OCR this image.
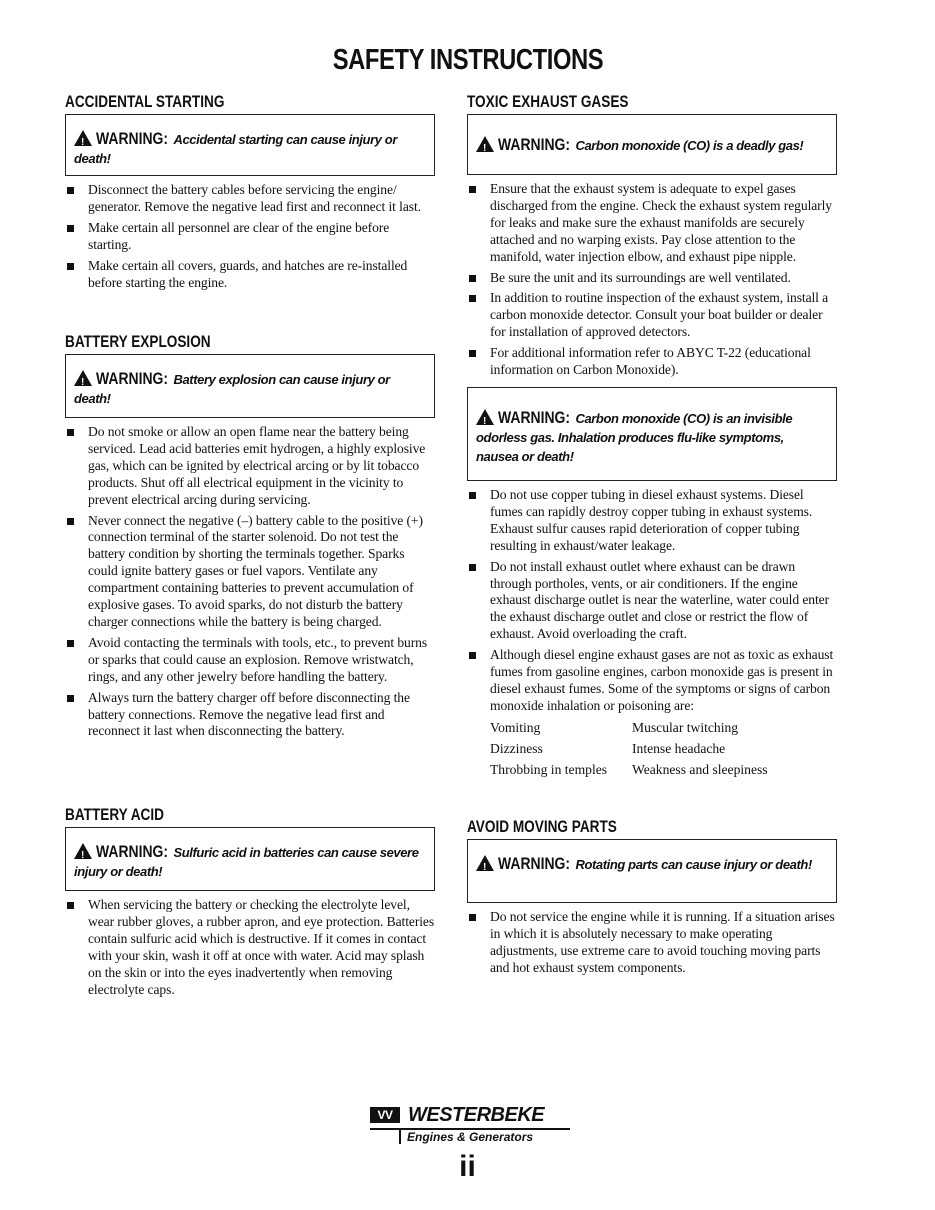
SAFETY INSTRUCTIONS
ACCIDENTAL STARTING
!WARNING: Accidental starting can cause injury or death!
Disconnect the battery cables before servicing the engine/ generator. Remove the negative lead first and reconnect it last.
Make certain all personnel are clear of the engine before starting.
Make certain all covers, guards, and hatches are re-installed before starting the engine.
BATTERY EXPLOSION
!WARNING: Battery explosion can cause injury or death!
Do not smoke or allow an open flame near the battery being serviced. Lead acid batteries emit hydrogen, a highly explosive gas, which can be ignited by electrical arcing or by lit tobacco products. Shut off all electrical equipment in the vicinity to prevent electrical arcing during servicing.
Never connect the negative (–) battery cable to the positive (+) connection terminal of the starter solenoid. Do not test the battery condition by shorting the terminals together. Sparks could ignite battery gases or fuel vapors. Ventilate any compartment containing batteries to prevent accumulation of explosive gases. To avoid sparks, do not disturb the battery charger connections while the battery is being charged.
Avoid contacting the terminals with tools, etc., to prevent burns or sparks that could cause an explosion. Remove wristwatch, rings, and any other jewelry before handling the battery.
Always turn the battery charger off before disconnecting the battery connections. Remove the negative lead first and reconnect it last when disconnecting the battery.
BATTERY ACID
!WARNING: Sulfuric acid in batteries can cause severe injury or death!
When servicing the battery or checking the electrolyte level, wear rubber gloves, a rubber apron, and eye protection. Batteries contain sulfuric acid which is destructive. If it comes in contact with your skin, wash it off at once with water. Acid may splash on the skin or into the eyes inadvertently when removing electrolyte caps.
TOXIC EXHAUST GASES
!WARNING: Carbon monoxide (CO) is a deadly gas!
Ensure that the exhaust system is adequate to expel gases discharged from the engine. Check the exhaust system regularly for leaks and make sure the exhaust manifolds are securely attached and no warping exists. Pay close attention to the manifold, water injection elbow, and exhaust pipe nipple.
Be sure the unit and its surroundings are well ventilated.
In addition to routine inspection of the exhaust system, install a carbon monoxide detector. Consult your boat builder or dealer for installation of approved detectors.
For additional information refer to ABYC T-22 (educational information on Carbon Monoxide).
!WARNING: Carbon monoxide (CO) is an invisible odorless gas. Inhalation produces flu-like symptoms, nausea or death!
Do not use copper tubing in diesel exhaust systems. Diesel fumes can rapidly destroy copper tubing in exhaust systems. Exhaust sulfur causes rapid deterioration of copper tubing resulting in exhaust/water leakage.
Do not install exhaust outlet where exhaust can be drawn through portholes, vents, or air conditioners. If the engine exhaust discharge outlet is near the waterline, water could enter the exhaust discharge outlet and close or restrict the flow of exhaust. Avoid overloading the craft.
Although diesel engine exhaust gases are not as toxic as exhaust fumes from gasoline engines, carbon monoxide gas is present in diesel exhaust fumes. Some of the symptoms or signs of carbon monoxide inhalation or poisoning are:
Vomiting	Muscular twitching
Dizziness	Intense headache
Throbbing in temples	Weakness and sleepiness
AVOID MOVING PARTS
!WARNING: Rotating parts can cause injury or death!
Do not service the engine while it is running. If a situation arises in which it is absolutely necessary to make operating adjustments, use extreme care to avoid touching moving parts and hot exhaust system components.
VV WESTERBEKE
Engines & Generators
ii
